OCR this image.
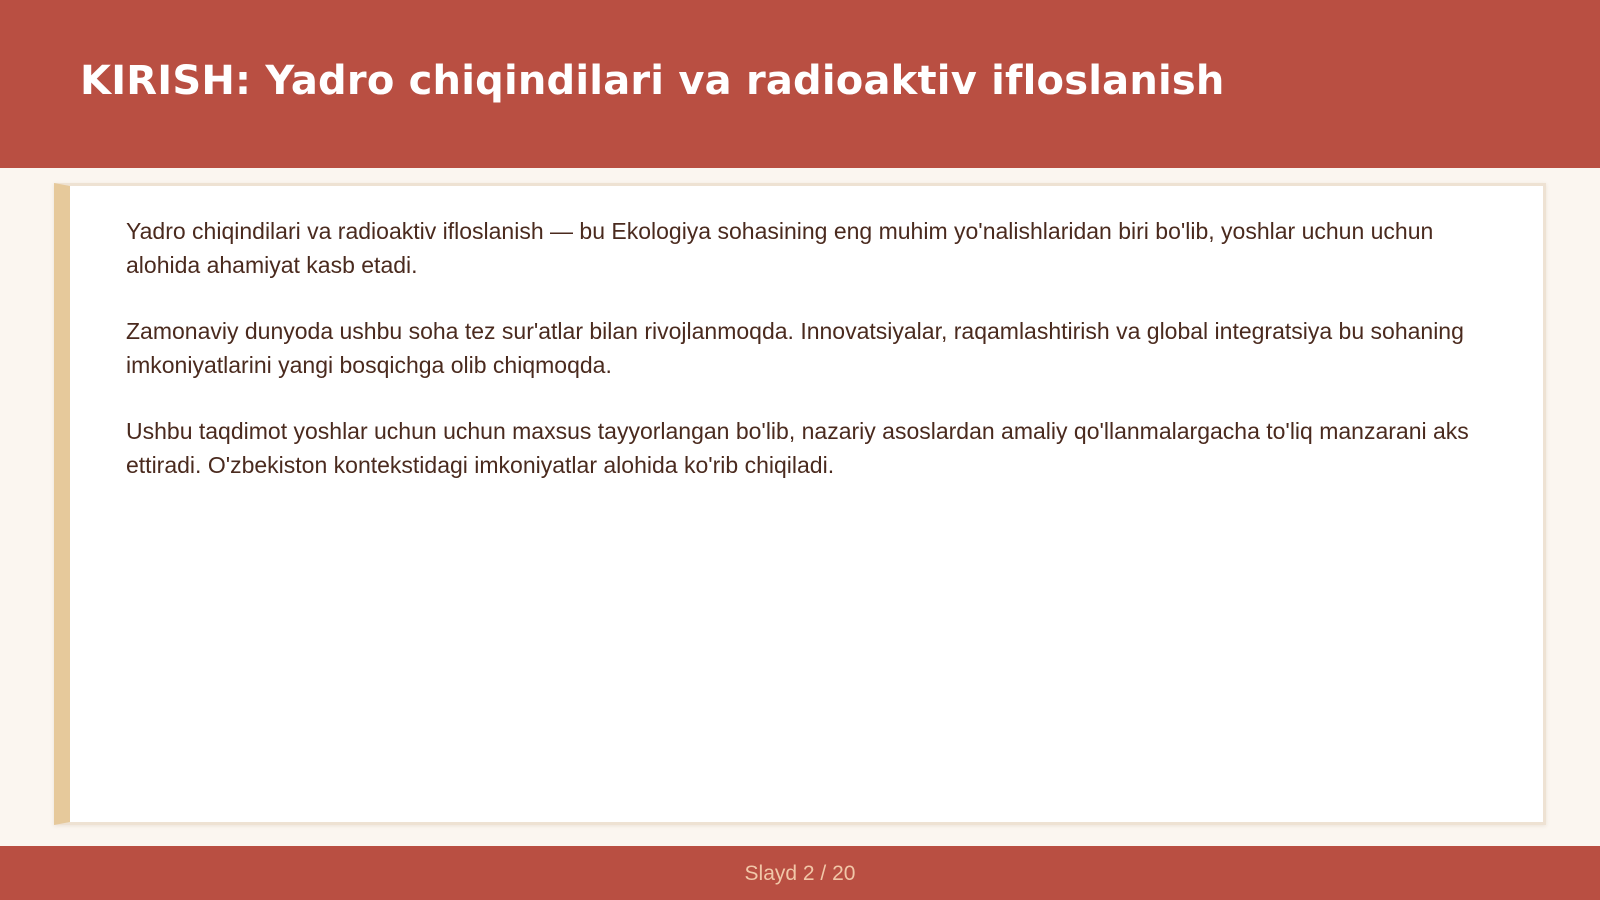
KIRISH: Yadro chiqindilari va radioaktiv ifloslanish

Yadro chiqindilari va radioaktiv ifloslanish — bu Ekologiya sohasining eng muhim yo'nalishlaridan biri bo'lib, yoshlar uchun uchun alohida ahamiyat kasb etadi.

Zamonaviy dunyoda ushbu soha tez sur'atlar bilan rivojlanmoqda. Innovatsiyalar, raqamlashtirish va global integratsiya bu sohaning imkoniyatlarini yangi bosqichga olib chiqmoqda.

Ushbu taqdimot yoshlar uchun uchun maxsus tayyorlangan bo'lib, nazariy asoslardan amaliy qo'llanmalargacha to'liq manzarani aks ettiradi. O'zbekiston kontekstidagi imkoniyatlar alohida ko'rib chiqiladi.

Slayd 2 / 20
